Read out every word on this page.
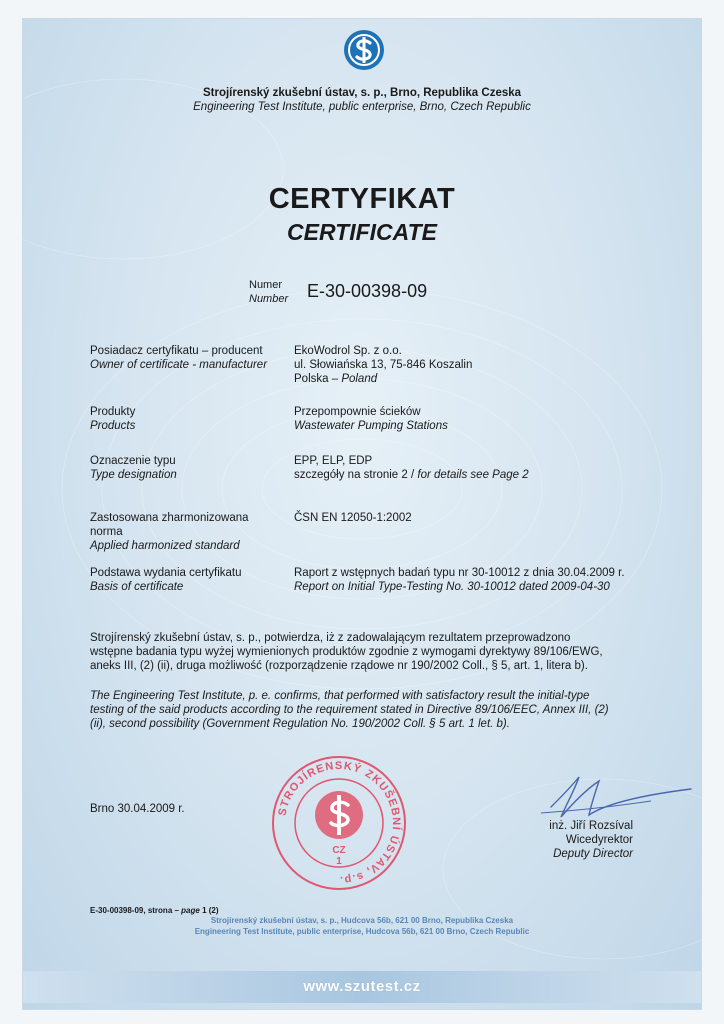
Strojírenský zkušební ústav, s. p., Brno, Republika Czeska
Engineering Test Institute, public enterprise, Brno, Czech Republic
CERTYFIKAT
CERTIFICATE
Numer
Number E-30-00398-09
Posiadacz certyfikatu – producent
Owner of certificate - manufacturer
EkoWodrol Sp. z o.o.
ul. Słowiańska 13, 75-846 Koszalin
Polska – Poland
Produkty
Products
Przepompownie ścieków
Wastewater Pumping Stations
Oznaczenie typu
Type designation
EPP, ELP, EDP
szczegóły na stronie 2 / for details see Page 2
Zastosowana zharmonizowana
norma
Applied harmonized standard
ČSN EN 12050-1:2002
Podstawa wydania certyfikatu
Basis of certificate
Raport z wstępnych badań typu nr 30-10012 z dnia 30.04.2009 r.
Report on Initial Type-Testing No. 30-10012 dated 2009-04-30
Strojírenský zkušební ústav, s. p., potwierdza, iż z zadowalającym rezultatem przeprowadzono
wstępne badania typu wyżej wymienionych produktów zgodnie z wymogami dyrektywy 89/106/EWG,
aneks III, (2) (ii), druga możliwość (rozporządzenie rządowe nr 190/2002 Coll., § 5, art. 1, litera b).
The Engineering Test Institute, p. e. confirms, that performed with satisfactory result the initial-type
testing of the said products according to the requirement stated in Directive 89/106/EEC, Annex III, (2)
(ii), second possibility (Government Regulation No. 190/2002 Coll. § 5 art. 1 let. b).
STROJÍRENSKÝ ZKUŠEBNÍ ÚSTAV, s.p.
CZ
1
Brno 30.04.2009 r.
inż. Jiří Rozsíval
Wicedyrektor
Deputy Director
E-30-00398-09, strona – page 1 (2)
Strojírenský zkušební ústav, s. p., Hudcova 56b, 621 00 Brno, Republika Czeska
Engineering Test Institute, public enterprise, Hudcova 56b, 621 00 Brno, Czech Republic
www.szutest.cz
